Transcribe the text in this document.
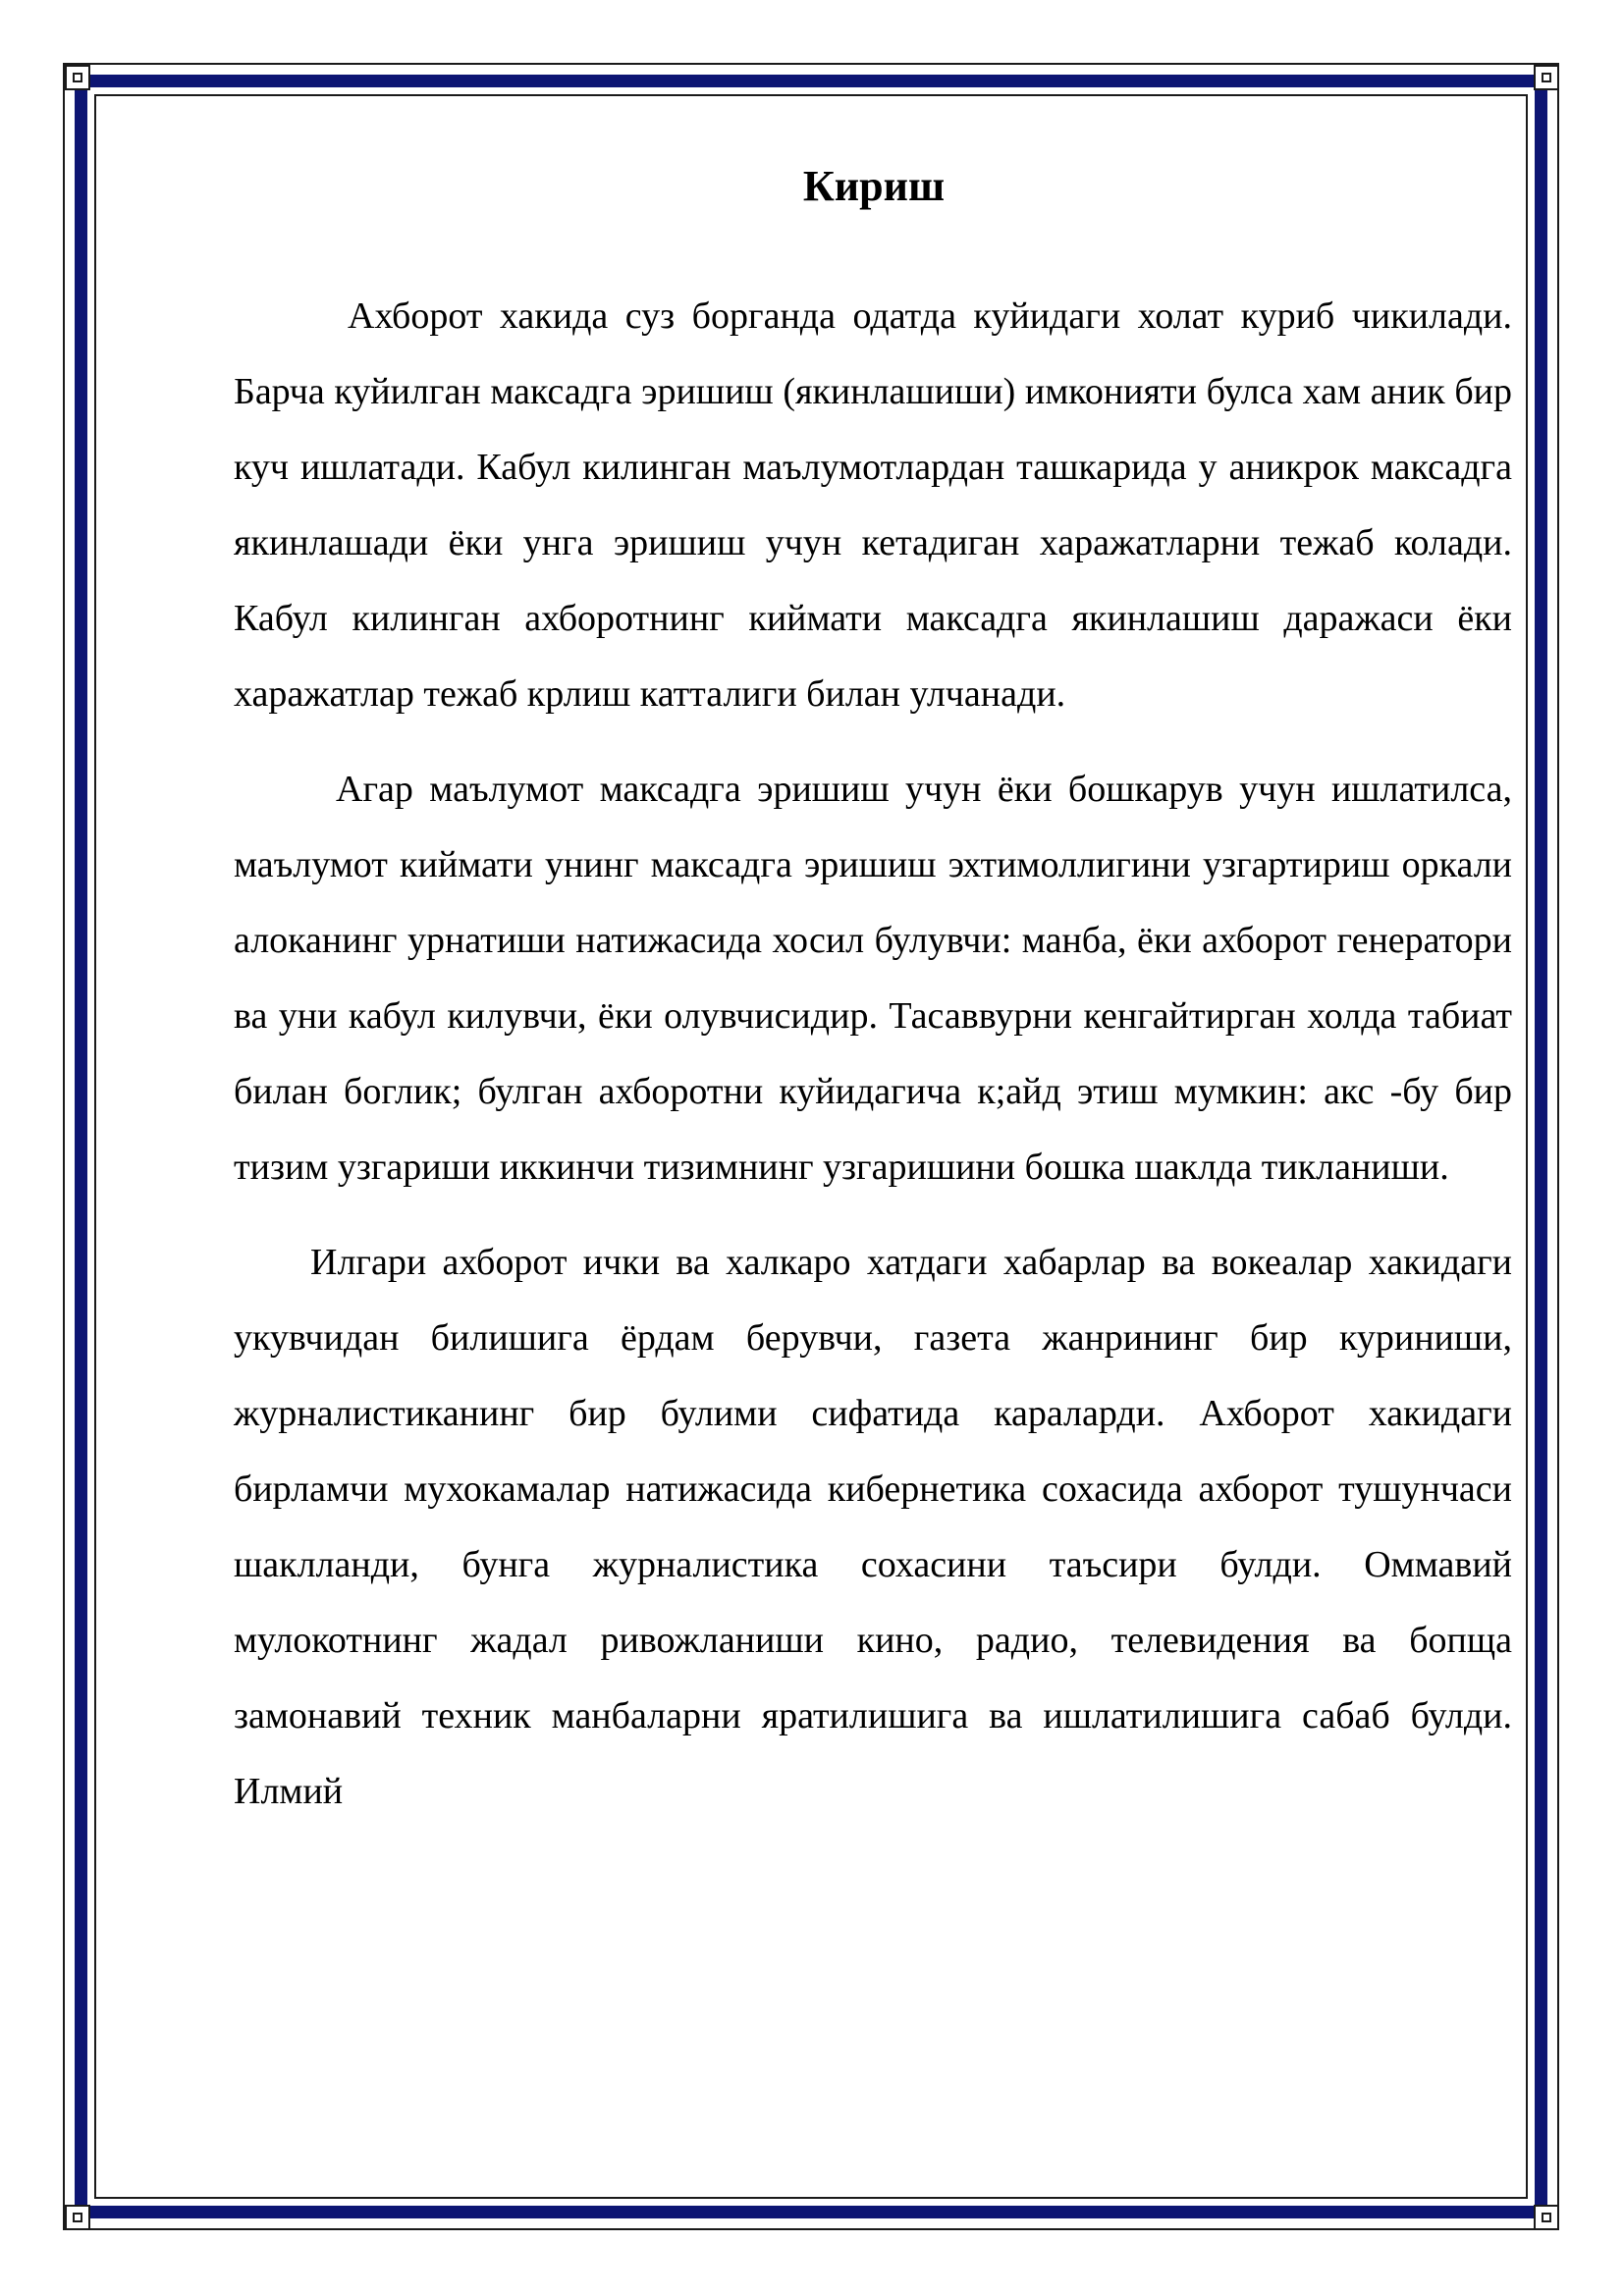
Кириш

Ахборот хакида суз борганда одатда куйидаги холат куриб чикилади. Барча куйилган максадга эришиш (якинлашиши) имконияти булса хам аник бир куч ишлатади. Кабул килинган маълумотлардан ташкарида у аникрок максадга якинлашади ёки унга эришиш учун кетадиган харажатларни тежаб колади. Кабул килинган ахборотнинг киймати максадга якинлашиш даражаси ёки харажатлар тежаб крлиш катталиги билан улчанади.

Агар маълумот максадга эришиш учун ёки бошкарув учун ишлатилса, маълумот киймати унинг максадга эришиш эхтимоллигини узгартириш оркали алоканинг урнатиши натижасида хосил булувчи: манба, ёки ахборот генератори ва уни кабул килувчи, ёки олувчисидир. Тасаввурни кенгайтирган холда табиат билан боглик; булган ахборотни куйидагича к;айд этиш мумкин: акс -бу бир тизим узгариши иккинчи тизимнинг узгаришини бошка шаклда тикланиши.

Илгари ахборот ички ва халкаро хатдаги хабарлар ва вокеалар хакидаги укувчидан билишига ёрдам берувчи, газета жанрининг бир куриниши, журналистиканинг бир булими сифатида караларди. Ахборот хакидаги бирламчи мухокамалар натижасида кибернетика сохасида ахборот тушунчаси шаклланди, бунга журналистика сохасини таъсири булди. Оммавий мулокотнинг жадал ривожланиши кино, радио, телевидения ва бопща замонавий техник манбаларни яратилишига ва ишлатилишига сабаб булди. Илмий
